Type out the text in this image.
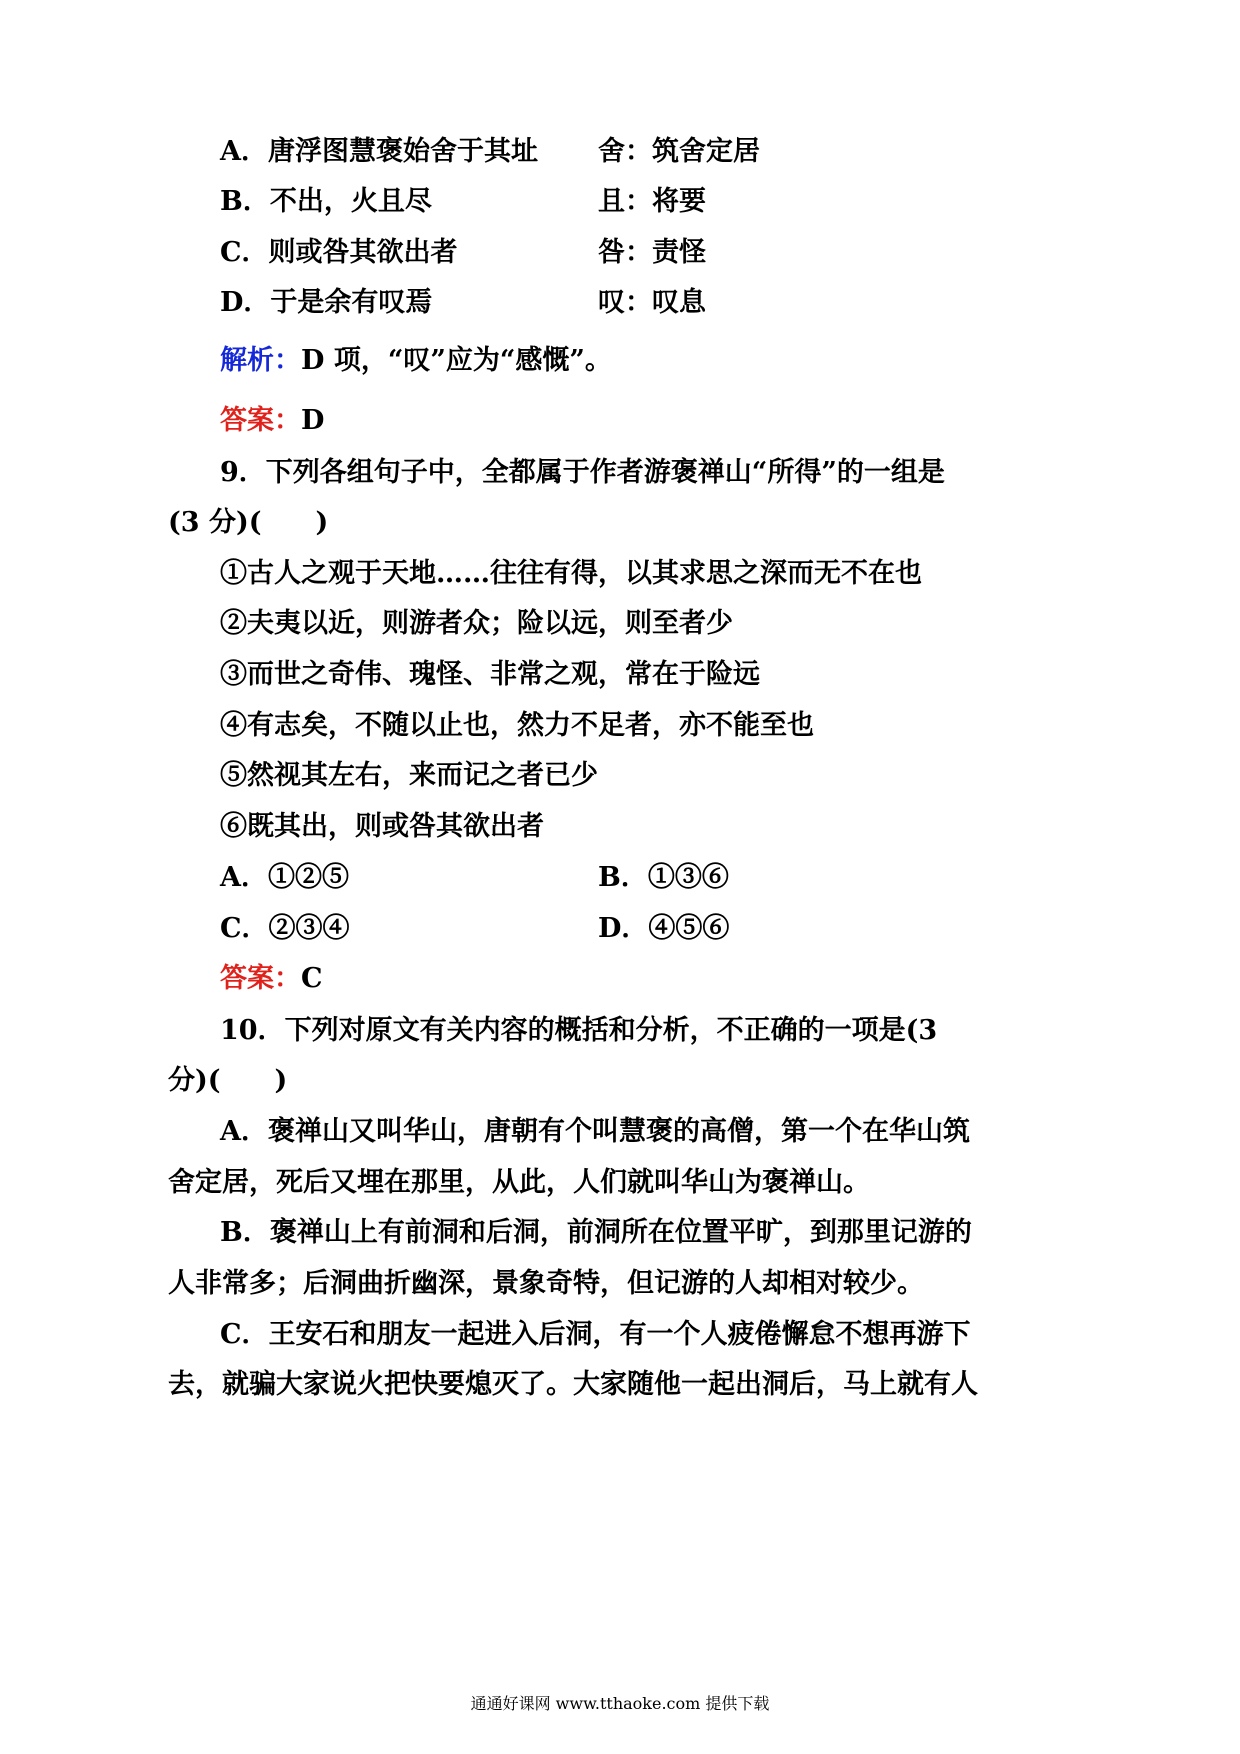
A．唐浮图慧褒始舍于其址 舍：筑舍定居
B．不出，火且尽	且：将要
C．则或咎其欲出者	咎：责怪
D．于是余有叹焉	叹：叹息
解析：D 项，“叹”应为“感慨”。
答案：D
9．下列各组句子中，全都属于作者游褒禅山“所得”的一组是
(3 分)(　　)
①古人之观于天地……往往有得，以其求思之深而无不在也
②夫夷以近，则游者众；险以远，则至者少
③而世之奇伟、瑰怪、非常之观，常在于险远
④有志矣，不随以止也，然力不足者，亦不能至也
⑤然视其左右，来而记之者已少
⑥既其出，则或咎其欲出者
A．①②⑤	B．①③⑥
C．②③④	D．④⑤⑥
答案：C
10．下列对原文有关内容的概括和分析，不正确的一项是(3
分)(　　)
A．褒禅山又叫华山，唐朝有个叫慧褒的高僧，第一个在华山筑
舍定居，死后又埋在那里，从此，人们就叫华山为褒禅山。
B．褒禅山上有前洞和后洞，前洞所在位置平旷，到那里记游的
人非常多；后洞曲折幽深，景象奇特，但记游的人却相对较少。
C．王安石和朋友一起进入后洞，有一个人疲倦懈怠不想再游下
去，就骗大家说火把快要熄灭了。大家随他一起出洞后，马上就有人
通通好课网 www.tthaoke.com 提供下载
